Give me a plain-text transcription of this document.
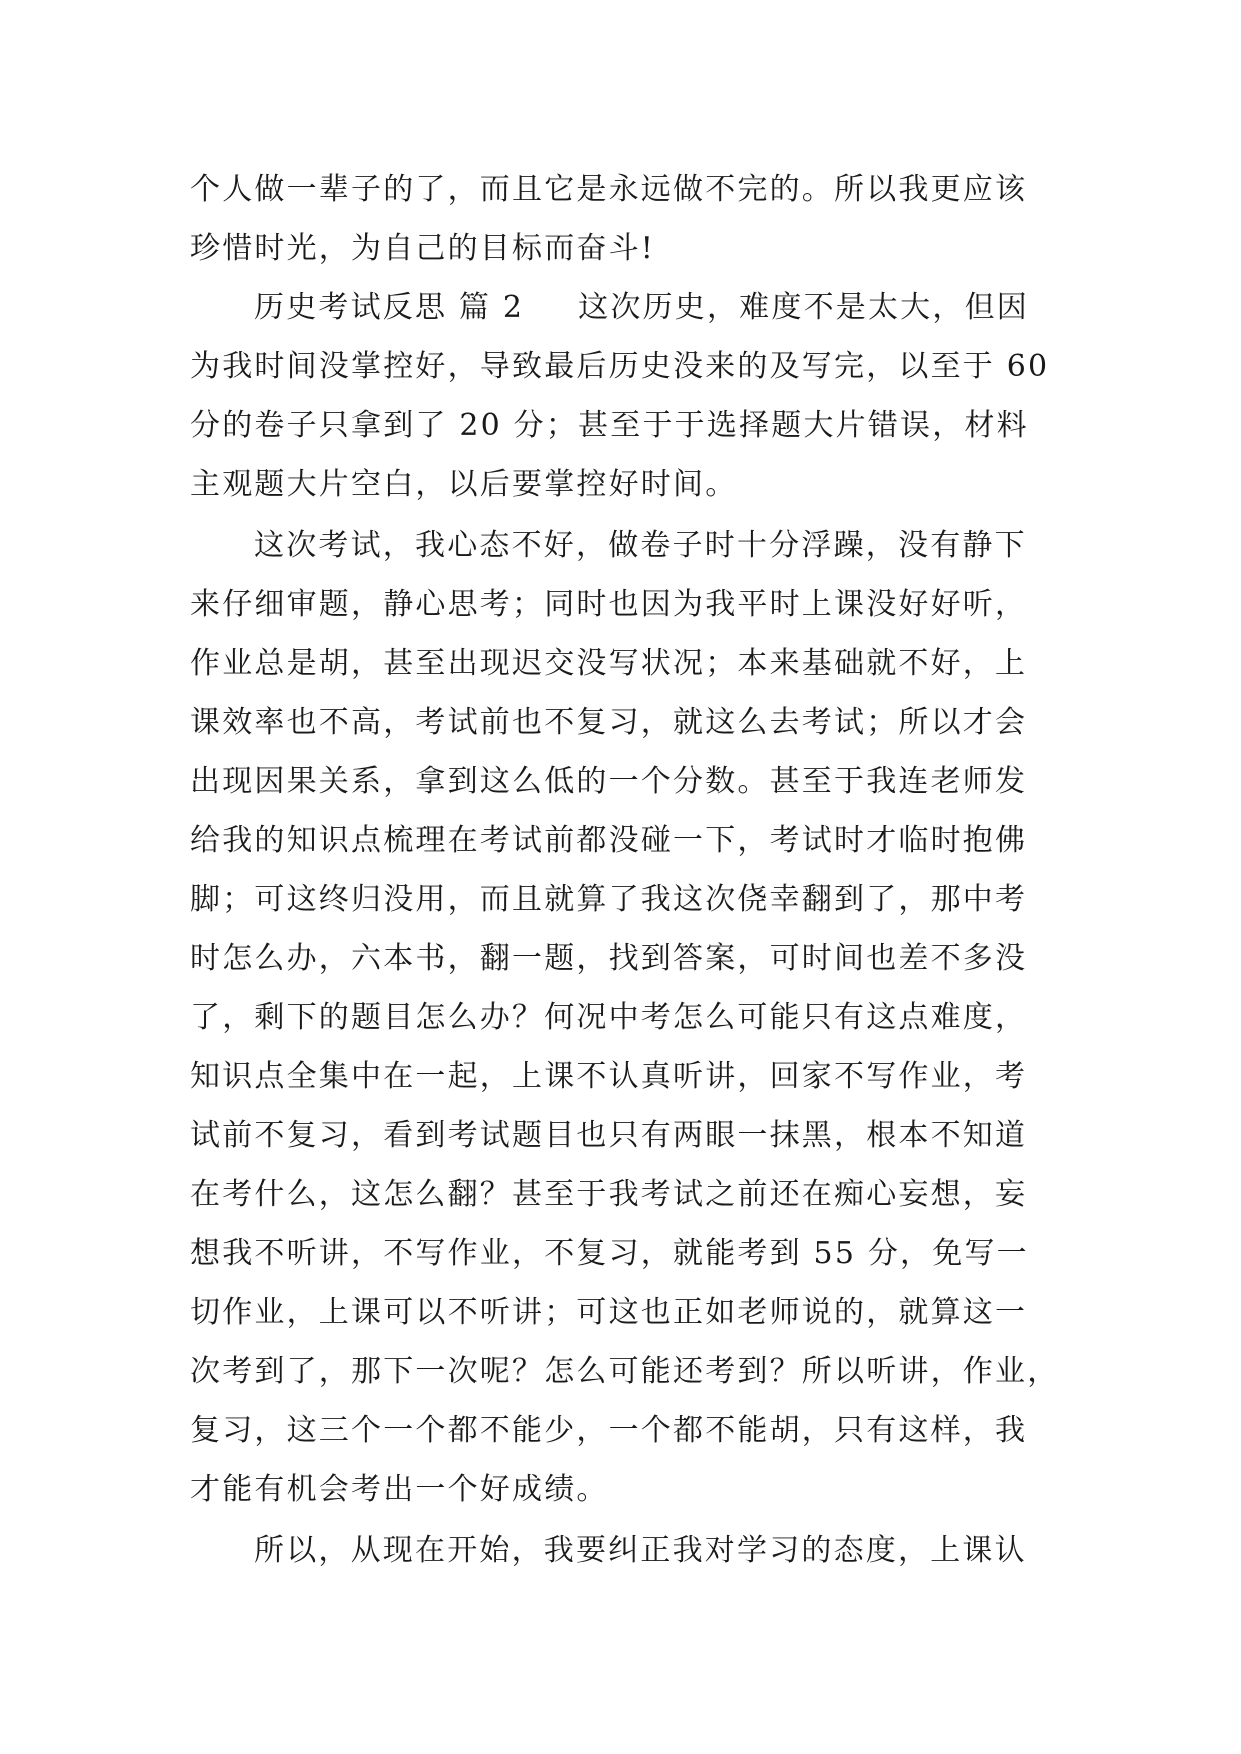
个人做一辈子的了，而且它是永远做不完的。所以我更应该
珍惜时光，为自己的目标而奋斗!
历史考试反思 篇 2 这次历史，难度不是太大，但因
为我时间没掌控好，导致最后历史没来的及写完，以至于 60
分的卷子只拿到了 20 分；甚至于于选择题大片错误，材料
主观题大片空白，以后要掌控好时间。
这次考试，我心态不好，做卷子时十分浮躁，没有静下
来仔细审题，静心思考；同时也因为我平时上课没好好听，
作业总是胡，甚至出现迟交没写状况；本来基础就不好，上
课效率也不高，考试前也不复习，就这么去考试；所以才会
出现因果关系，拿到这么低的一个分数。甚至于我连老师发
给我的知识点梳理在考试前都没碰一下，考试时才临时抱佛
脚；可这终归没用，而且就算了我这次侥幸翻到了，那中考
时怎么办，六本书，翻一题，找到答案，可时间也差不多没
了，剩下的题目怎么办？何况中考怎么可能只有这点难度，
知识点全集中在一起，上课不认真听讲，回家不写作业，考
试前不复习，看到考试题目也只有两眼一抹黑，根本不知道
在考什么，这怎么翻？甚至于我考试之前还在痴心妄想，妄
想我不听讲，不写作业，不复习，就能考到 55 分，免写一
切作业，上课可以不听讲；可这也正如老师说的，就算这一
次考到了，那下一次呢？怎么可能还考到？所以听讲，作业，
复习，这三个一个都不能少，一个都不能胡，只有这样，我
才能有机会考出一个好成绩。
所以，从现在开始，我要纠正我对学习的态度，上课认
